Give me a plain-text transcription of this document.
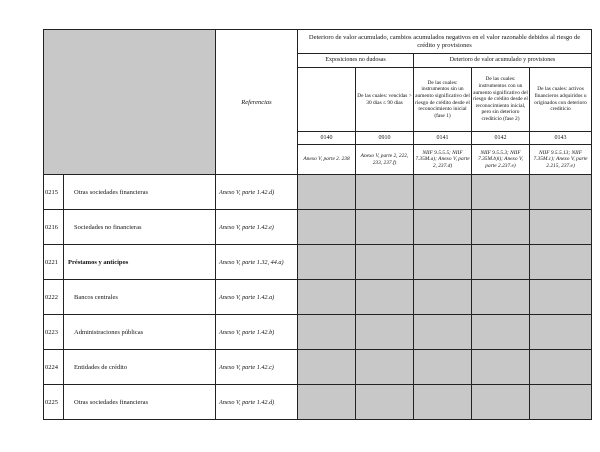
		Referencias	Deterioro de valor acumulado, cambios acumulados negativos en el valor razonable debidos al riesgo de crédito y provisiones				
			Exposiciones no dudosas		Deterioro de valor acumulado y provisiones		
				De las cuales: vencidas > 30 días ≤ 90 días	De las cuales: instrumentos sin un aumento significativo del riesgo de crédito desde el reconocimiento inicial (fase 1)	De las cuales: instrumentos con un aumento significativo del riesgo de crédito desde el reconocimiento inicial, pero sin deterioro crediticio (fase 2)	De las cuales: activos financieros adquiridos u originados con deterioro crediticio
			0140	0910	0141	0142	0143
			Anexo V, parte 2. 238	Anexo V, parte 2, 222, 233, 237.f)	NIIF 9.5.5.5; NIIF 7.35M.a); Anexo V, parte 2, 237.d)	NIIF 9.5.5.3; NIIF 7.35M.b)i); Anexo V, parte 2.237.e)	NIIF 9.5.5.13; NIIF 7.35M.c); Anexo V, parte 2.215, 237.e)
0215	Otras sociedades financieras	Anexo V, parte 1.42.d)					
0216	Sociedades no financieras	Anexo V, parte 1.42.e)					
0221	Préstamos y anticipos	Anexo V, parte 1.32, 44.a)					
0222	Bancos centrales	Anexo V, parte 1.42.a)					
0223	Administraciones públicas	Anexo V, parte 1.42.b)					
0224	Entidades de crédito	Anexo V, parte 1.42.c)					
0225	Otras sociedades financieras	Anexo V, parte 1.42.d)					
